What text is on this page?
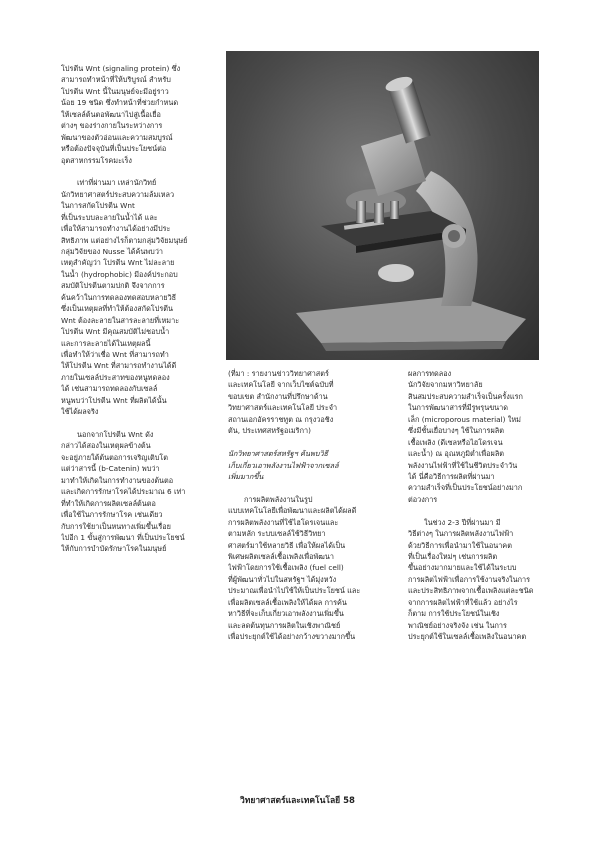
โปรตีน Wnt (signaling protein) ซึ่ง
สามารถทำหน้าที่ให้บริบูรณ์ สำหรับ
โปรตีน Wnt นี้ในมนุษย์จะมีอยู่ราว
น้อย 19 ชนิด ซึ่งทำหน้าที่ช่วยกำหนด
ให้เซลล์ต้นตอพัฒนาไปสู่เนื้อเยื่อ
ต่างๆ ของร่างกายในระหว่างการ
พัฒนาของตัวอ่อนและความสมบูรณ์
หรือต้องปัจจุบันที่เป็นประโยชน์ต่อ
อุตสาหกรรมโรคมะเร็ง
เท่าที่ผ่านมา เหล่านักวิทย์
นักวิทยาศาสตร์ประสบความล้มเหลว
ในการสกัดโปรตีน Wnt
ที่เป็นระบบละลายในน้ำได้ และ
เพื่อให้สามารถทำงานได้อย่างมีประ
สิทธิภาพ แต่อย่างไรก็ตามกลุ่มวิจัยมนุษย์
กลุ่มวิจัยของ Nusse ได้ค้นพบว่า
เหตุสำคัญว่า โปรตีน Wnt ไม่ละลาย
ในน้ำ (hydrophobic) มีองค์ประกอบ
สมบัติโปรตีนตามปกติ จึงจากการ
ค้นคว้าในการทดลองทดสอบหลายวิธี
ซึ่งเป็นเหตุผลที่ทำให้ต้องสกัดโปรตีน
Wnt ต้องละลายในสารละลายที่เหมาะ
โปรตีน Wnt มีคุณสมบัติไม่ชอบน้ำ
และการละลายได้ในเหตุผลนี้
เพื่อทำให้ว่าเชื่อ Wnt ที่สามารถทำ
ให้โปรตีน Wnt ที่สามารถทำงานได้ดี
ภายในเซลล์ประสาทของหนูทดลอง
ได้ เช่นสามารถทดลองกับเซลล์
หนูพบว่าโปรตีน Wnt ที่ผลิตได้นั้น
ใช้ได้ผลจริง
นอกจากโปรตีน Wnt ดัง
กล่าวได้สองในเหตุผลข้างต้น
จะอยู่ภายใต้ต้นตอการเจริญเติบโต
แต่ว่าสารนี้ (b-Catenin) พบว่า
มาทำให้เกิดในการทำงานของต้นตอ
และเกิดการรักษาโรคได้ประมาณ 6 เท่า
ที่ทำให้เกิดการผลิตเซลล์ต้นตอ
เพื่อใช้ในการรักษาโรค เช่นเดียว
กับการใช้ยาเป็นหนทางเพิ่มขึ้นเรื่อย
ไปอีก 1 ขั้นสู่การพัฒนา ที่เป็นประโยชน์
ให้กับการบำบัดรักษาโรคในมนุษย์
(ที่มา : รายงานข่าววิทยาศาสตร์
และเทคโนโลยี จากเว็บไซต์ฉบับที่
ขอบเขต สำนักงานที่ปรึกษาด้าน
วิทยาศาสตร์และเทคโนโลยี ประจำ
สถานเอกอัครราชทูต ณ กรุงวอชิง
ตัน, ประเทศสหรัฐอเมริกา)
นักวิทยาศาสตร์สหรัฐฯ ค้นพบวิธี
เก็บเกี่ยวเอาพลังงานไฟฟ้าจากเซลล์
เพิ่มมากขึ้น
การผลิตพลังงานในรูป
แบบเทคโนโลยีเพื่อพัฒนาและผลิตได้ผลดี
การผลิตพลังงานที่ใช้ไฮโดรเจนและ
ตามหลัก ระบบเซลล์ใช้วิธีวิทยา
ศาสตร์มาใช้หลายวิธี เพื่อให้ผลได้เป็น
พิเศษผลิตเซลล์เชื้อเพลิงเพื่อพัฒนา
ไฟฟ้าโดยการใช้เชื้อเพลิง (fuel cell)
ที่ผู้พัฒนาทั่วไปในสหรัฐฯ ได้มุ่งหวัง
ประมาณเพื่อนำไปใช้ให้เป็นประโยชน์ และ
เพื่อผลิตเซลล์เชื้อเพลิงให้ได้ผล การค้น
หาวิธีที่จะเก็บเกี่ยวเอาพลังงานเพิ่มขึ้น
และลดต้นทุนการผลิตในเชิงพาณิชย์
เพื่อประยุกต์ใช้ได้อย่างกว้างขวางมากขึ้น
ผลการทดลอง
นักวิจัยจากมหาวิทยาลัย
สินสมประสบความสำเร็จเป็นครั้งแรก
ในการพัฒนาสารที่มีรูพรุนขนาด
เล็ก (microporous material) ใหม่
ซึ่งมีชั้นเยื่อบางๆ ใช้ในการผลิต
เชื้อเพลิง (ดีเซลหรือไฮโดรเจน
และน้ำ) ณ อุณหภูมิต่ำเพื่อผลิต
พลังงานไฟฟ้าที่ใช้ในชีวิตประจำวัน
ได้ นี่คือวิธีการผลิตที่ผ่านมา
ความสำเร็จที่เป็นประโยชน์อย่างมาก
ต่อวงการ
ในช่วง 2-3 ปีที่ผ่านมา มี
วิธีต่างๆ ในการผลิตพลังงานไฟฟ้า
ด้วยวิธีการเพื่อนำมาใช้ในอนาคต
ที่เป็นเรื่องใหม่ๆ เช่นการผลิต
ขึ้นอย่างมากมายและใช้ได้ในระบบ
การผลิตไฟฟ้าเพื่อการใช้งานจริงในการ
และประสิทธิภาพจากเชื้อเพลิงแต่ละชนิด
จากการผลิตไฟฟ้าที่ใช้แล้ว อย่างไร
ก็ตาม การใช้ประโยชน์ในเชิง
พาณิชย์อย่างจริงจัง เช่น ในการ
ประยุกต์ใช้ในเซลล์เชื้อเพลิงในอนาคต
วิทยาศาสตร์และเทคโนโลยี 58
